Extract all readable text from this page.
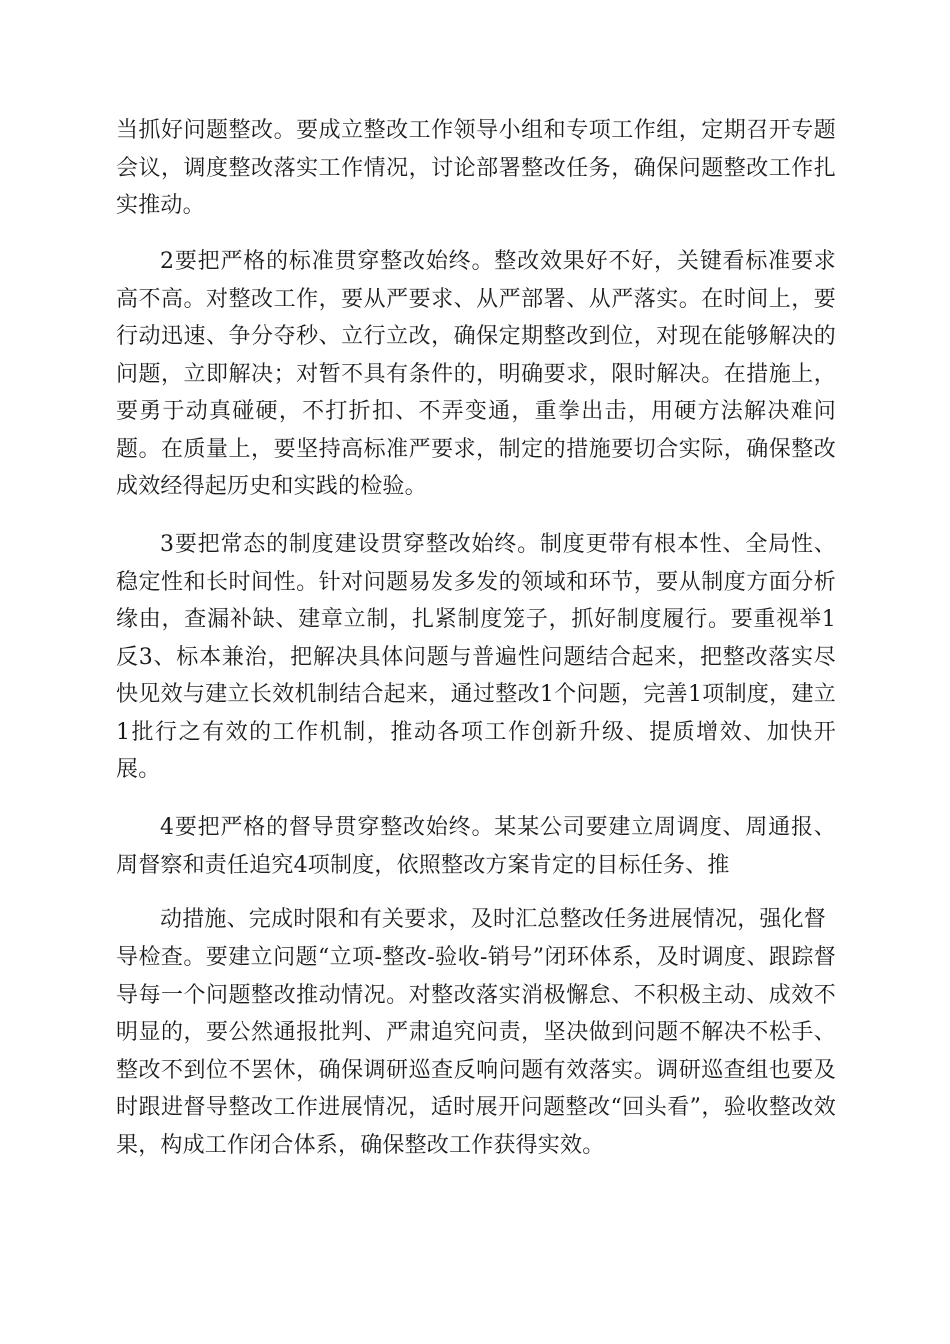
当抓好问题整改。要成立整改工作领导小组和专项工作组，定期召开专题会议，调度整改落实工作情况，讨论部署整改任务，确保问题整改工作扎实推动。

2要把严格的标准贯穿整改始终。整改效果好不好，关键看标准要求高不高。对整改工作，要从严要求、从严部署、从严落实。在时间上，要行动迅速、争分夺秒、立行立改，确保定期整改到位，对现在能够解决的问题，立即解决；对暂不具有条件的，明确要求，限时解决。在措施上，要勇于动真碰硬，不打折扣、不弄变通，重拳出击，用硬方法解决难问题。在质量上，要坚持高标准严要求，制定的措施要切合实际，确保整改成效经得起历史和实践的检验。

3要把常态的制度建设贯穿整改始终。制度更带有根本性、全局性、稳定性和长时间性。针对问题易发多发的领域和环节，要从制度方面分析缘由，查漏补缺、建章立制，扎紧制度笼子，抓好制度履行。要重视举1反3、标本兼治，把解决具体问题与普遍性问题结合起来，把整改落实尽快见效与建立长效机制结合起来，通过整改1个问题，完善1项制度，建立1批行之有效的工作机制，推动各项工作创新升级、提质增效、加快开展。

4要把严格的督导贯穿整改始终。某某公司要建立周调度、周通报、周督察和责任追究4项制度，依照整改方案肯定的目标任务、推

动措施、完成时限和有关要求，及时汇总整改任务进展情况，强化督

导检查。要建立问题“立项-整改-验收-销号”闭环体系，及时调度、跟踪督导每一个问题整改推动情况。对整改落实消极懈怠、不积极主动、成效不明显的，要公然通报批判、严肃追究问责，坚决做到问题不解决不松手、整改不到位不罢休，确保调研巡查反响问题有效落实。调研巡查组也要及时跟进督导整改工作进展情况，适时展开问题整改“回头看”，验收整改效果，构成工作闭合体系，确保整改工作获得实效。
